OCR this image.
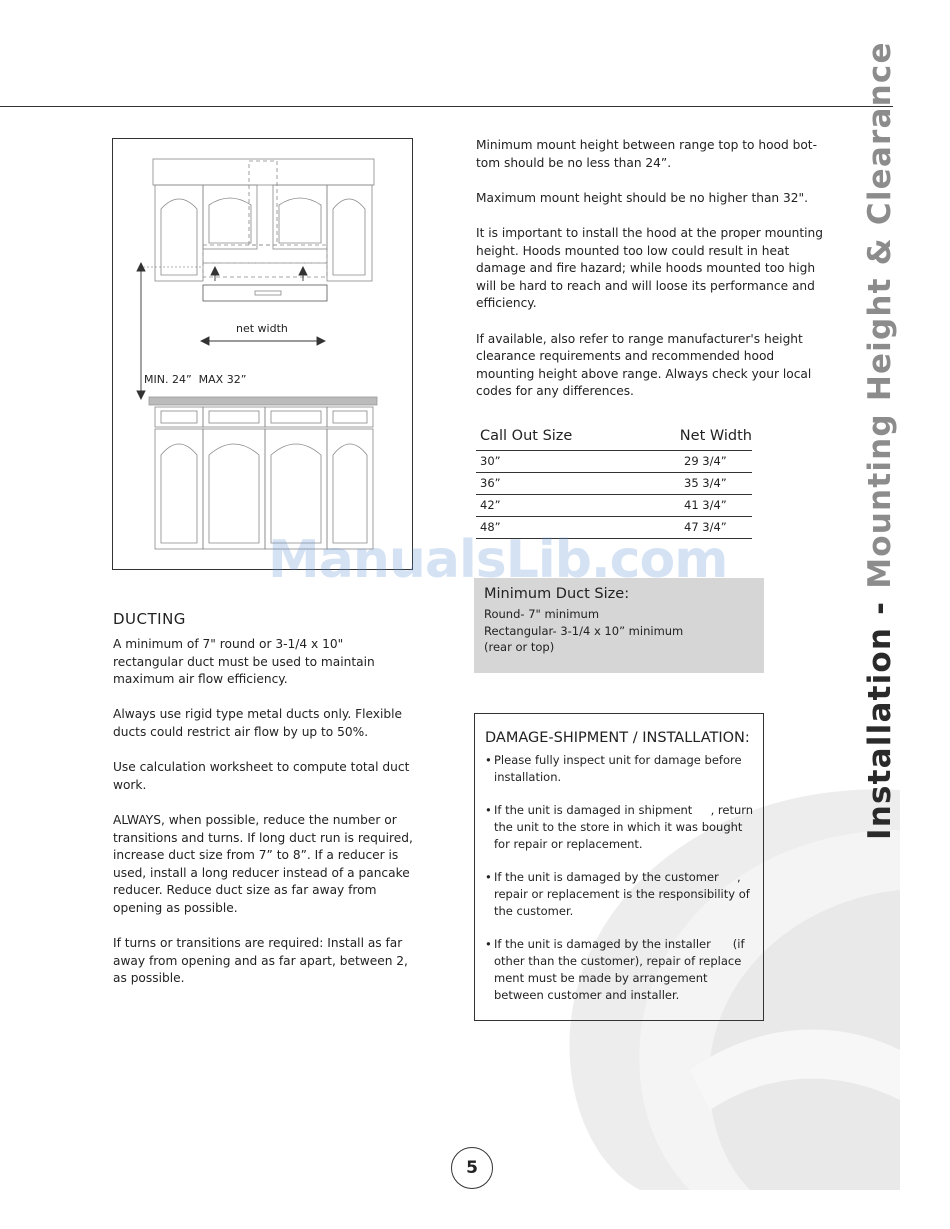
net width
MIN. 24”  MAX 32”

Minimum mount height between range top to hood bot-tom should be no less than 24”.

Maximum mount height should be no higher than 32".

It is important to install the hood at the proper mounting height. Hoods mounted too low could result in heat damage and fire hazard; while hoods mounted too high will be hard to reach and will loose its performance and efficiency.

If available, also refer to range manufacturer's height clearance requirements and recommended hood mounting height above range. Always check your local codes for any differences.

Call Out Size	Net Width
30”	29 3/4”
36”	35 3/4”
42”	41 3/4”
48”	47 3/4”
Minimum Duct Size:
Round- 7" minimum
Rectangular- 3-1/4 x 10” minimum
(rear or top)
DUCTING

A minimum of 7" round or 3-1/4 x 10" rectangular duct must be used to maintain maximum air flow efficiency.

Always use rigid type metal ducts only. Flexible ducts could restrict air flow by up to 50%.

Use calculation worksheet to compute total duct work.

ALWAYS, when possible, reduce the number or transitions and turns. If long duct run is required, increase duct size from 7” to 8”. If a reducer is used, install a long reducer instead of a pancake reducer. Reduce duct size as far away from opening as possible.

If turns or transitions are required: Install as far away from opening and as far apart, between 2, as possible.

DAMAGE-SHIPMENT / INSTALLATION:
• Please fully inspect unit for damage before installation.
• If the unit is damaged in shipment     , return the unit to the store in which it was bought for repair or replacement.
• If the unit is damaged by the customer     , repair or replacement is the responsibility of the customer.
• If the unit is damaged by the installer      (if other than the customer), repair of replace ment must be made by arrangement between customer and installer.
Installation - Mounting Height & Clearance
ManualsLib.com
5
